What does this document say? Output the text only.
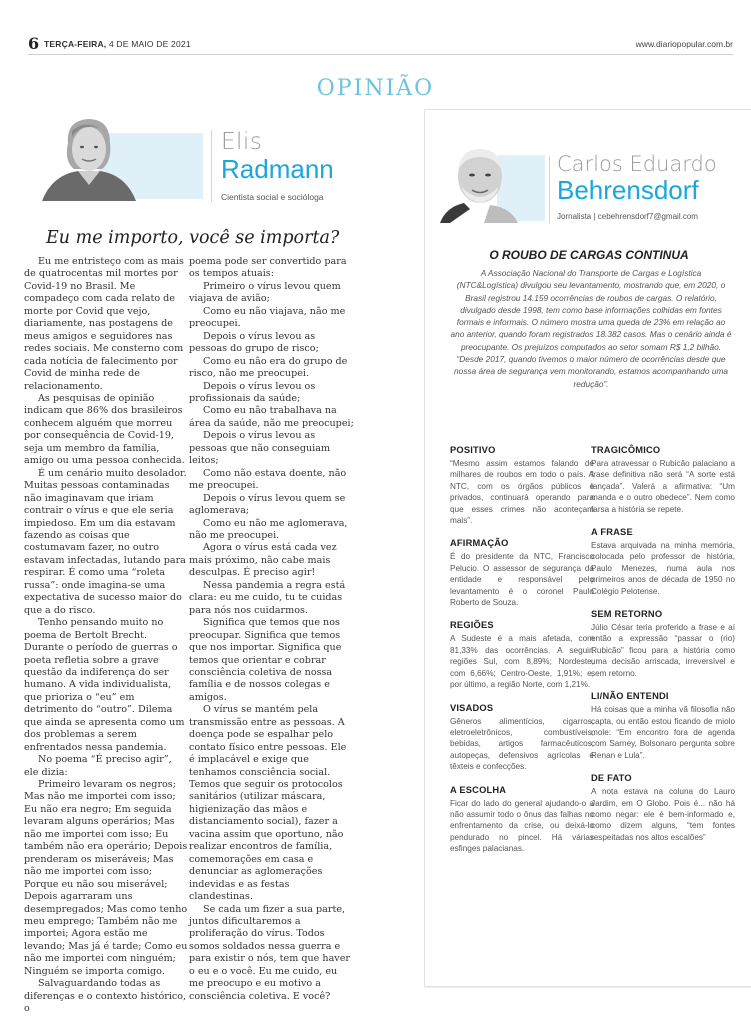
6 TERÇA-FEIRA, 4 DE MAIO DE 2021	www.diariopopular.com.br
OPINIÃO
Elis
Radmann
Cientista social e socióloga
Eu me importo, você se importa?

Eu me entristeço com as mais de quatrocentas mil mortes por Covid-19 no Brasil. Me compadeço com cada relato de morte por Covid que vejo, diariamente, nas postagens de meus amigos e seguidores nas redes sociais. Me consterno com cada notícia de falecimento por Covid de minha rede de relacionamento.

As pesquisas de opinião indicam que 86% dos brasileiros conhecem alguém que morreu por consequência de Covid-19, seja um membro da família, amigo ou uma pessoa conhecida.

É um cenário muito desolador. Muitas pessoas contaminadas não imaginavam que iriam contrair o vírus e que ele seria impiedoso. Em um dia estavam fazendo as coisas que costumavam fazer, no outro estavam infectadas, lutando para respirar. É como uma “roleta russa”: onde imagina-se uma expectativa de sucesso maior do que a do risco.

Tenho pensando muito no poema de Bertolt Brecht. Durante o período de guerras o poeta refletia sobre a grave questão da indiferença do ser humano. A vida individualista, que prioriza o “eu” em detrimento do “outro”. Dilema que ainda se apresenta como um dos problemas a serem enfrentados nessa pandemia.

No poema “É preciso agir”, ele dizia:

Primeiro levaram os negros; Mas não me importei com isso; Eu não era negro; Em seguida levaram alguns operários; Mas não me importei com isso; Eu também não era operário; Depois prenderam os miseráveis; Mas não me importei com isso; Porque eu não sou miserável; Depois agarraram uns desempregados; Mas como tenho meu emprego; Também não me importei; Agora estão me levando; Mas já é tarde; Como eu não me importei com ninguém; Ninguém se importa comigo.

Salvaguardando todas as diferenças e o contexto histórico, o

poema pode ser convertido para os tempos atuais:

Primeiro o vírus levou quem viajava de avião;

Como eu não viajava, não me preocupei.

Depois o vírus levou as pessoas do grupo de risco;

Como eu não era do grupo de risco, não me preocupei.

Depois o vírus levou os profissionais da saúde;

Como eu não trabalhava na área da saúde, não me preocupei;

Depois o vírus levou as pessoas que não conseguiam leitos;

Como não estava doente, não me preocupei.

Depois o vírus levou quem se aglomerava;

Como eu não me aglomerava, não me preocupei.

Agora o vírus está cada vez mais próximo, não cabe mais desculpas. É preciso agir!

Nessa pandemia a regra está clara: eu me cuido, tu te cuidas para nós nos cuidarmos.

Significa que temos que nos preocupar. Significa que temos que nos importar. Significa que temos que orientar e cobrar consciência coletiva de nossa família e de nossos colegas e amigos.

O vírus se mantém pela transmissão entre as pessoas. A doença pode se espalhar pelo contato físico entre pessoas. Ele é implacável e exige que tenhamos consciência social. Temos que seguir os protocolos sanitários (utilizar máscara, higienização das mãos e distanciamento social), fazer a vacina assim que oportuno, não realizar encontros de família, comemorações em casa e denunciar as aglomerações indevidas e as festas clandestinas.

Se cada um fizer a sua parte, juntos dificultaremos a proliferação do vírus. Todos somos soldados nessa guerra e para existir o nós, tem que haver o eu e o você. Eu me cuido, eu me preocupo e eu motivo a consciência coletiva. E você?

Carlos Eduardo
Behrensdorf
Jornalista | cebehrensdorf7@gmail.com
O ROUBO DE CARGAS CONTINUA
A Associação Nacional do Transporte de Cargas e Logística (NTC&Logística) divulgou seu levantamento, mostrando que, em 2020, o Brasil registrou 14.159 ocorrências de roubos de cargas. O relatório, divulgado desde 1998, tem como base informações colhidas em fontes formais e informais. O número mostra uma queda de 23% em relação ao ano anterior, quando foram registrados 18.382 casos. Mas o cenário ainda é preocupante. Os prejuízos computados ao setor somam R$ 1,2 bilhão. “Desde 2017, quando tivemos o maior número de ocorrências desde que nossa área de segurança vem monitorando, estamos acompanhando uma redução”.
POSITIVO

“Mesmo assim estamos falando de milhares de roubos em todo o país. A NTC, com os órgãos públicos e privados, continuará operando para que esses crimes não aconteçam mais”.

AFIRMAÇÃO

É do presidente da NTC, Francisco Pelucio. O assessor de segurança da entidade e responsável pelo levantamento é o coronel Paulo Roberto de Souza.

REGIÕES

A Sudeste é a mais afetada, com 81,33% das ocorrências. A seguir: regiões Sul, com 8,89%; Nordeste, com 6,66%; Centro-Oeste, 1,91%; e, por último, a região Norte, com 1,21%.

VISADOS

Gêneros alimentícios, cigarros, eletroeletrônicos, combustíveis, bebidas, artigos farmacêuticos, autopeças, defensivos agrícolas e têxteis e confecções.

A ESCOLHA

Ficar do lado do general ajudando-o a não assumir todo o ônus das falhas no enfrentamento da crise, ou deixá-lo pendurado no pincel. Há várias esfinges palacianas.

TRAGICÔMICO

Para atravessar o Rubicão palaciano a frase definitiva não será “A sorte está lançada”. Valerá a afirmativa: “Um manda e o outro obedece”. Nem como farsa a história se repete.

A FRASE

Estava arquivada na minha memória, colocada pelo professor de história, Paulo Menezes, numa aula nos primeiros anos de década de 1950 no Colégio Pelotense.

SEM RETORNO

Júlio César teria proferido a frase e aí então a expressão “passar o (rio) Rubicão” ficou para a história como uma decisão arriscada, irreversível e sem retorno.

LI/NÃO ENTENDI

Há coisas que a minha vã filosofia não capta, ou então estou ficando de miolo mole: “Em encontro fora de agenda com Sarney, Bolsonaro pergunta sobre Renan e Lula”.

DE FATO

A nota estava na coluna do Lauro Jardim, em O Globo. Pois é... não há como negar: ele é bem-informado e, como dizem alguns, “tem fontes respeitadas nos altos escalões”
